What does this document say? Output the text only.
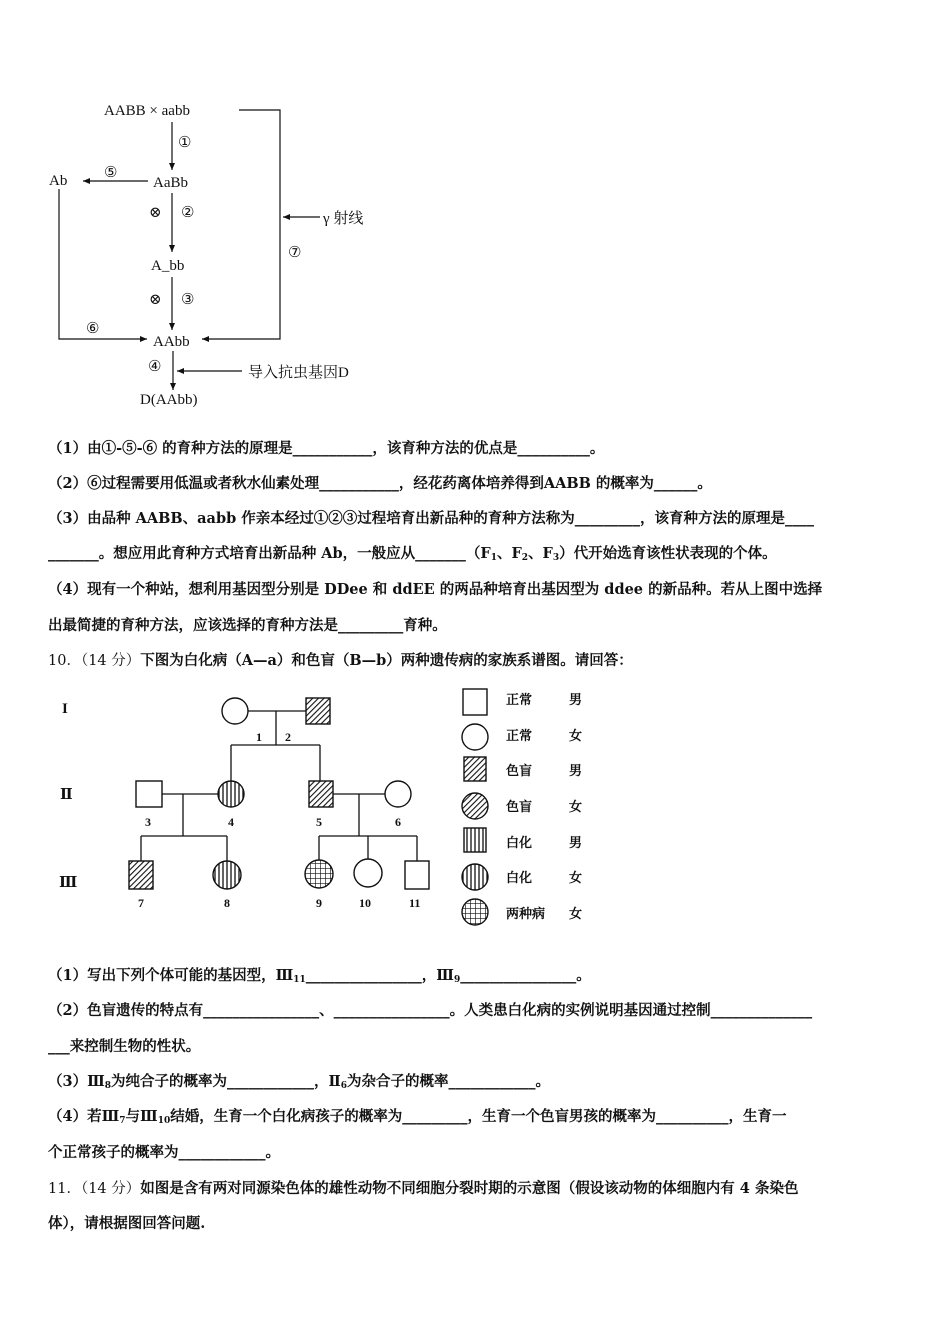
AABB × aabb
AaBb
Ab
A_bb
AAbb
D(AAbb)
①
⑤
②
⊗
③
⊗
⑥
④
⑦
γ 射线
导入抗虫基因D
（1）由①-⑤-⑥ 的育种方法的原理是___________，该育种方法的优点是__________。
（2）⑥过程需要用低温或者秋水仙素处理___________，经花药离体培养得到AABB 的概率为______。
（3）由品种 AABB、aabb 作亲本经过①②③过程培育出新品种的育种方法称为_________，该育种方法的原理是____
_______。想应用此育种方式培育出新品种 Ab，一般应从$\_\_\_\_\_\_\_(F_1$、$F_2$、$F_3$）代开始选育该性状表现的个体。
（4）现有一个种站，想利用基因型分别是 DDee 和 ddEE 的两品种培育出基因型为 ddee 的新品种。若从上图中选择
出最简捷的育种方法，应该选择的育种方法是_________育种。
10．（14 分）下图为白化病（A—a）和色盲（B—b）两种遗传病的家族系谱图。请回答：
I
Ⅱ
Ⅲ
1 2
3	4	5	6
7	8	9	10	11
正常	男
正常	女
色盲	男
色盲	女
白化	男
白化	女
两种病 女
（1）写出下列个体可能的基因型，$Ⅲ_{11}\_\_\_\_\_\_\_\_\_\_\_\_\_\_\_\_$，$Ⅲ_9\_\_\_\_\_\_\_\_\_\_\_\_\_\_\_\_$。
（2）色盲遗传的特点有________________、________________。人类患白化病的实例说明基因通过控制______________
___来控制生物的性状。
$(3)Ⅲ_8$为纯合子的概率为____________，$Ⅱ_6$为杂合子的概率____________。
（4）若$Ⅲ_7$与$Ⅲ_{10}$结婚，生育一个白化病孩子的概率为_________，生育一个色盲男孩的概率为__________，生育一
个正常孩子的概率为____________。
11．（14 分）如图是含有两对同源染色体的雄性动物不同细胞分裂时期的示意图（假设该动物的体细胞内有 4 条染色
体），请根据图回答问题.
